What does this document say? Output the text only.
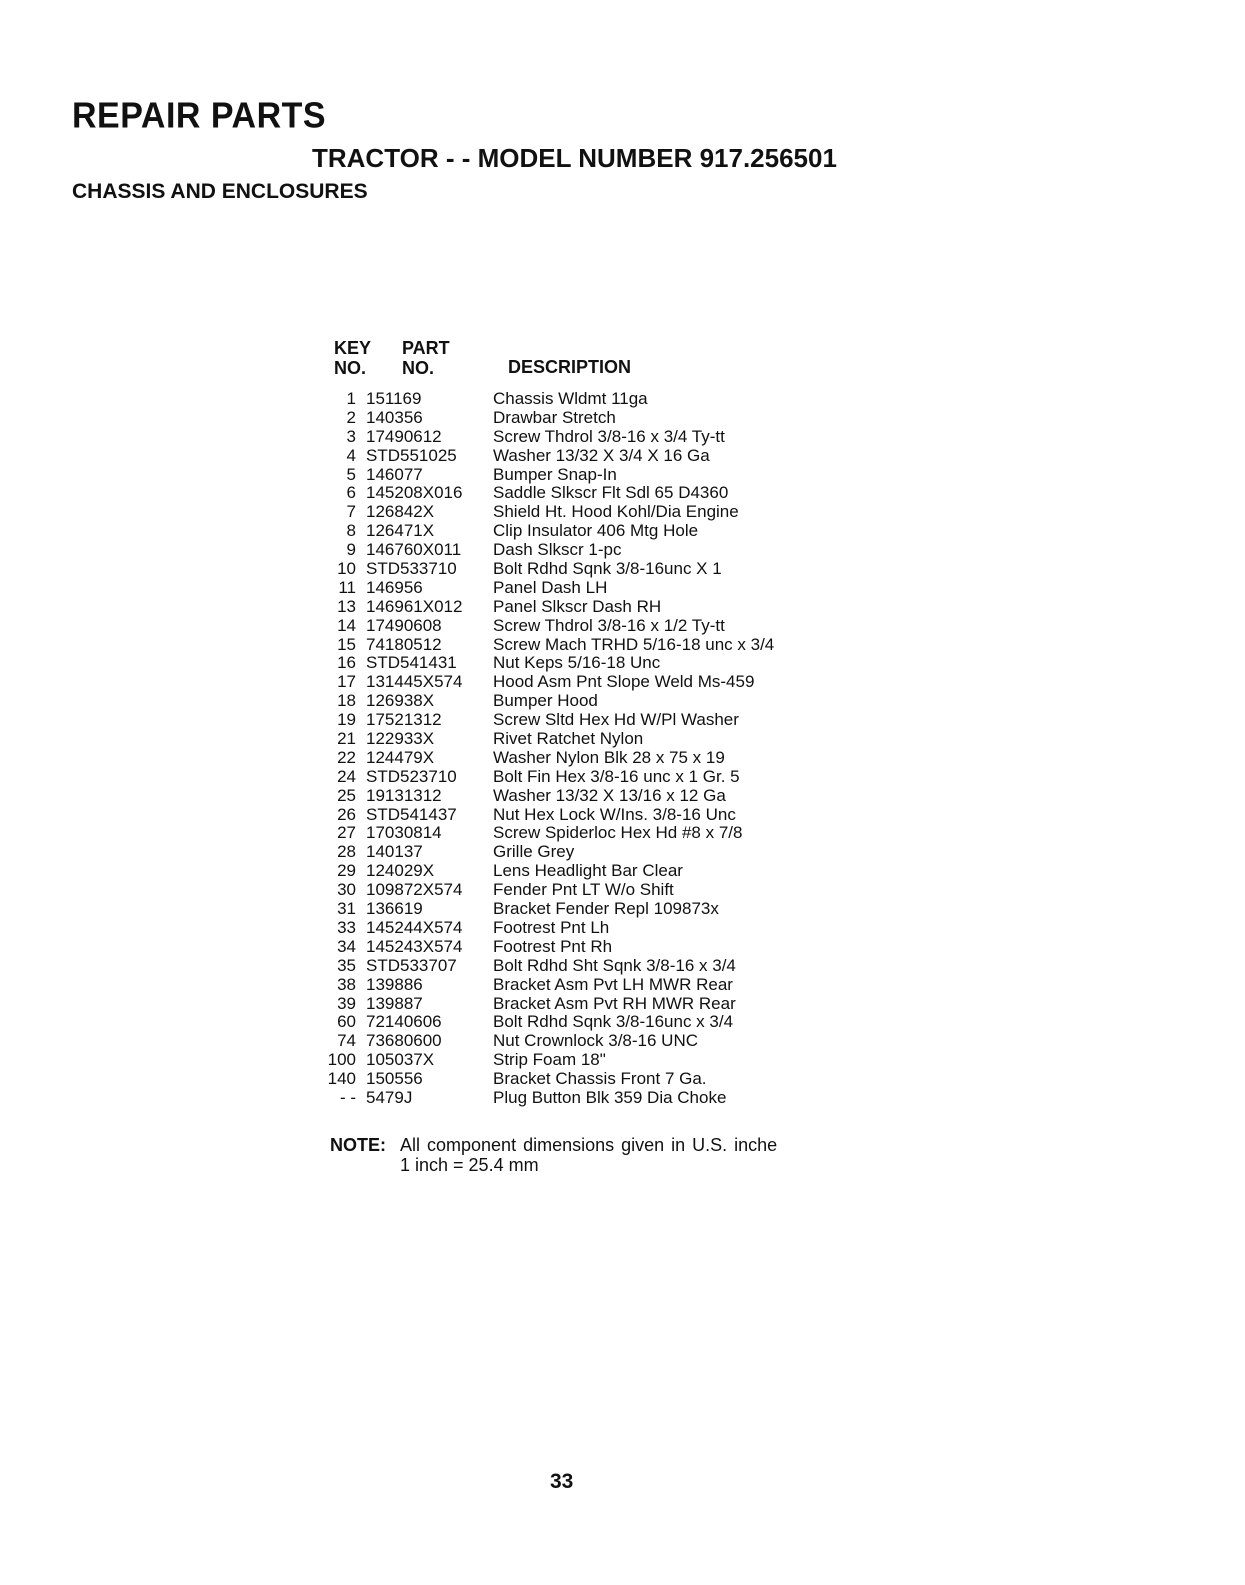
REPAIR PARTS
TRACTOR - - MODEL NUMBER 917.256501
CHASSIS AND ENCLOSURES
KEY
NO.
PART
NO.	DESCRIPTION
1 151169	Chassis Wldmt 11ga
2 140356	Drawbar Stretch
3 17490612	Screw Thdrol 3/8-16 x 3/4 Ty-tt
4 STD551025	Washer 13/32 X 3/4 X 16 Ga
5 146077	Bumper Snap-In
6 145208X016	Saddle Slkscr Flt Sdl 65 D4360
7 126842X	Shield Ht. Hood Kohl/Dia Engine
8 126471X	Clip Insulator 406 Mtg Hole
9 146760X011	Dash Slkscr 1-pc
10 STD533710	Bolt Rdhd Sqnk 3/8-16unc X 1
11 146956	Panel Dash LH
13 146961X012	Panel Slkscr Dash RH
14 17490608	Screw Thdrol 3/8-16 x 1/2 Ty-tt
15 74180512	Screw Mach TRHD 5/16-18 unc x 3/4
16 STD541431	Nut Keps 5/16-18 Unc
17 131445X574	Hood Asm Pnt Slope Weld Ms-459
18 126938X	Bumper Hood
19 17521312	Screw Sltd Hex Hd W/Pl Washer
21 122933X	Rivet Ratchet Nylon
22 124479X	Washer Nylon Blk 28 x 75 x 19
24 STD523710	Bolt Fin Hex 3/8-16 unc x 1 Gr. 5
25 19131312	Washer 13/32 X 13/16 x 12 Ga
26 STD541437	Nut Hex Lock W/Ins. 3/8-16 Unc
27 17030814	Screw Spiderloc Hex Hd #8 x 7/8
28 140137	Grille Grey
29 124029X	Lens Headlight Bar Clear
30 109872X574	Fender Pnt LT W/o Shift
31 136619	Bracket Fender Repl 109873x
33 145244X574	Footrest Pnt Lh
34 145243X574	Footrest Pnt Rh
35 STD533707	Bolt Rdhd Sht Sqnk 3/8-16 x 3/4
38 139886	Bracket Asm Pvt LH MWR Rear
39 139887	Bracket Asm Pvt RH MWR Rear
60 72140606	Bolt Rdhd Sqnk 3/8-16unc x 3/4
74 73680600	Nut Crownlock 3/8-16 UNC
100 105037X	Strip Foam 18"
140 150556	Bracket Chassis Front 7 Ga.
- - 5479J	Plug Button Blk 359 Dia Choke
NOTE: All component dimensions given in U.S. inche
1 inch = 25.4 mm
33
